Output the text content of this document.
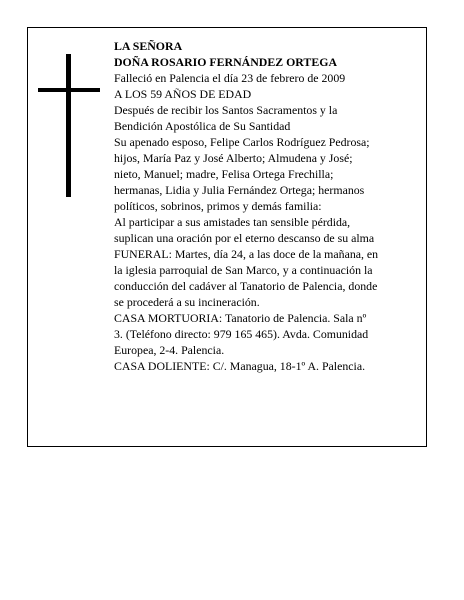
LA SEÑORA
DOÑA ROSARIO FERNÁNDEZ ORTEGA
Falleció en Palencia el día 23 de febrero de 2009
A LOS 59 AÑOS DE EDAD
Después de recibir los Santos Sacramentos y la
Bendición Apostólica de Su Santidad
Su apenado esposo, Felipe Carlos Rodríguez Pedrosa;
hijos, María Paz y José Alberto; Almudena y José;
nieto, Manuel; madre, Felisa Ortega Frechilla;
hermanas, Lidia y Julia Fernández Ortega; hermanos
políticos, sobrinos, primos y demás familia:
Al participar a sus amistades tan sensible pérdida,
suplican una oración por el eterno descanso de su alma
FUNERAL: Martes, día 24, a las doce de la mañana, en
la iglesia parroquial de San Marco, y a continuación la
conducción del cadáver al Tanatorio de Palencia, donde
se procederá a su incineración.
CASA MORTUORIA: Tanatorio de Palencia. Sala nº
3. (Teléfono directo: 979 165 465). Avda. Comunidad
Europea, 2-4. Palencia.
CASA DOLIENTE: C/. Managua, 18-1º A. Palencia.
